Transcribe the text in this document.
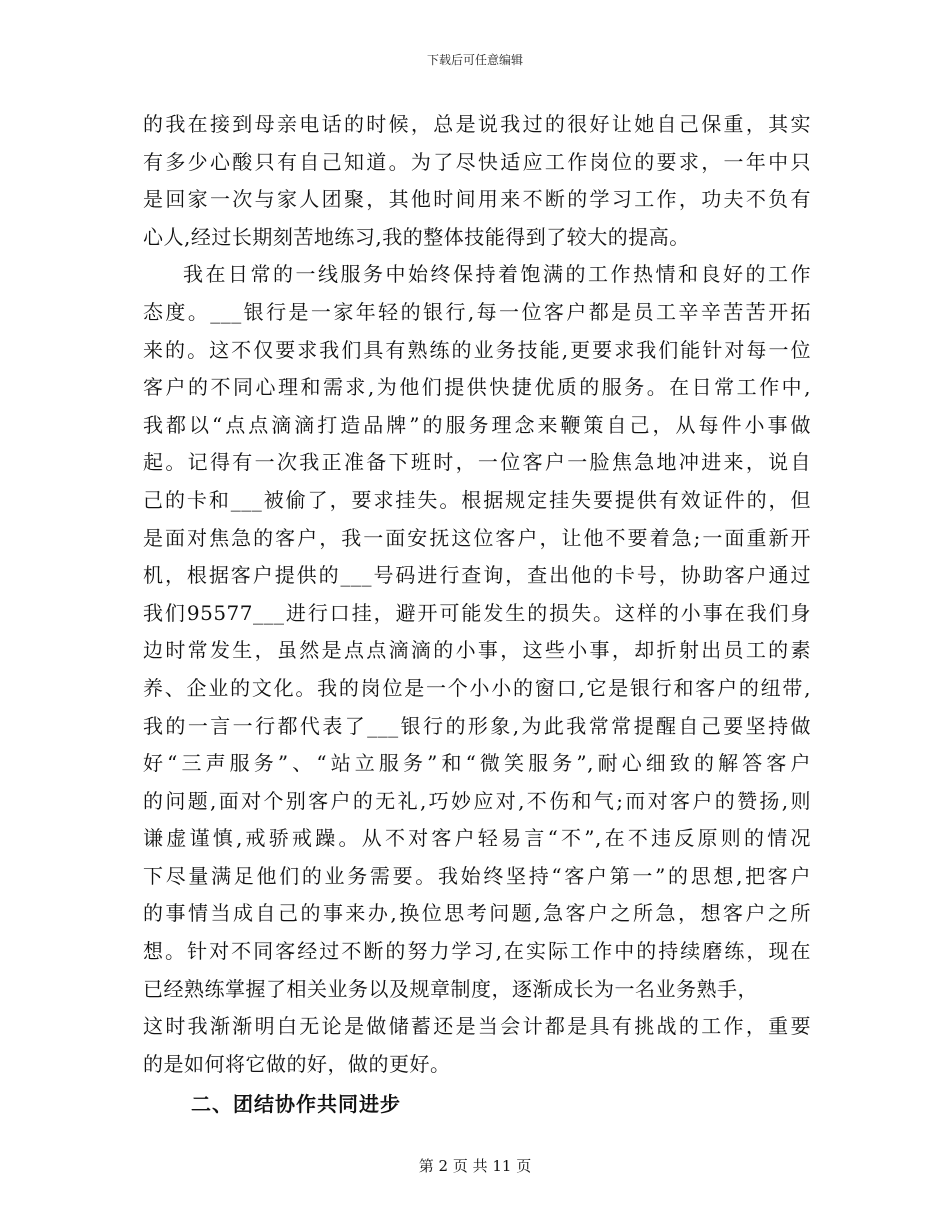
下载后可任意编辑
的我在接到母亲电话的时候，总是说我过的很好让她自己保重，其实
有多少心酸只有自己知道。为了尽快适应工作岗位的要求，一年中只
是回家一次与家人团聚，其他时间用来不断的学习工作，功夫不负有
心人,经过长期刻苦地练习,我的整体技能得到了较大的提高。
我在日常的一线服务中始终保持着饱满的工作热情和良好的工作
态度。___银行是一家年轻的银行,每一位客户都是员工辛辛苦苦开拓
来的。这不仅要求我们具有熟练的业务技能,更要求我们能针对每一位
客户的不同心理和需求,为他们提供快捷优质的服务。在日常工作中,
我都以“点点滴滴打造品牌”的服务理念来鞭策自己，从每件小事做
起。记得有一次我正准备下班时，一位客户一脸焦急地冲进来，说自
己的卡和___被偷了，要求挂失。根据规定挂失要提供有效证件的，但
是面对焦急的客户，我一面安抚这位客户，让他不要着急;一面重新开
机，根据客户提供的___号码进行查询，查出他的卡号，协助客户通过
我们95577___进行口挂，避开可能发生的损失。这样的小事在我们身
边时常发生，虽然是点点滴滴的小事，这些小事，却折射出员工的素
养、企业的文化。我的岗位是一个小小的窗口,它是银行和客户的纽带,
我的一言一行都代表了___银行的形象,为此我常常提醒自己要坚持做
好“三声服务”、“站立服务”和“微笑服务”,耐心细致的解答客户
的问题,面对个别客户的无礼,巧妙应对,不伤和气;而对客户的赞扬,则
谦虚谨慎,戒骄戒躁。从不对客户轻易言“不”,在不违反原则的情况
下尽量满足他们的业务需要。我始终坚持“客户第一”的思想,把客户
的事情当成自己的事来办,换位思考问题,急客户之所急，想客户之所
想。针对不同客经过不断的努力学习,在实际工作中的持续磨练，现在
已经熟练掌握了相关业务以及规章制度，逐渐成长为一名业务熟手，
这时我渐渐明白无论是做储蓄还是当会计都是具有挑战的工作，重要
的是如何将它做的好，做的更好。
二、团结协作共同进步
第 2 页 共 11 页
